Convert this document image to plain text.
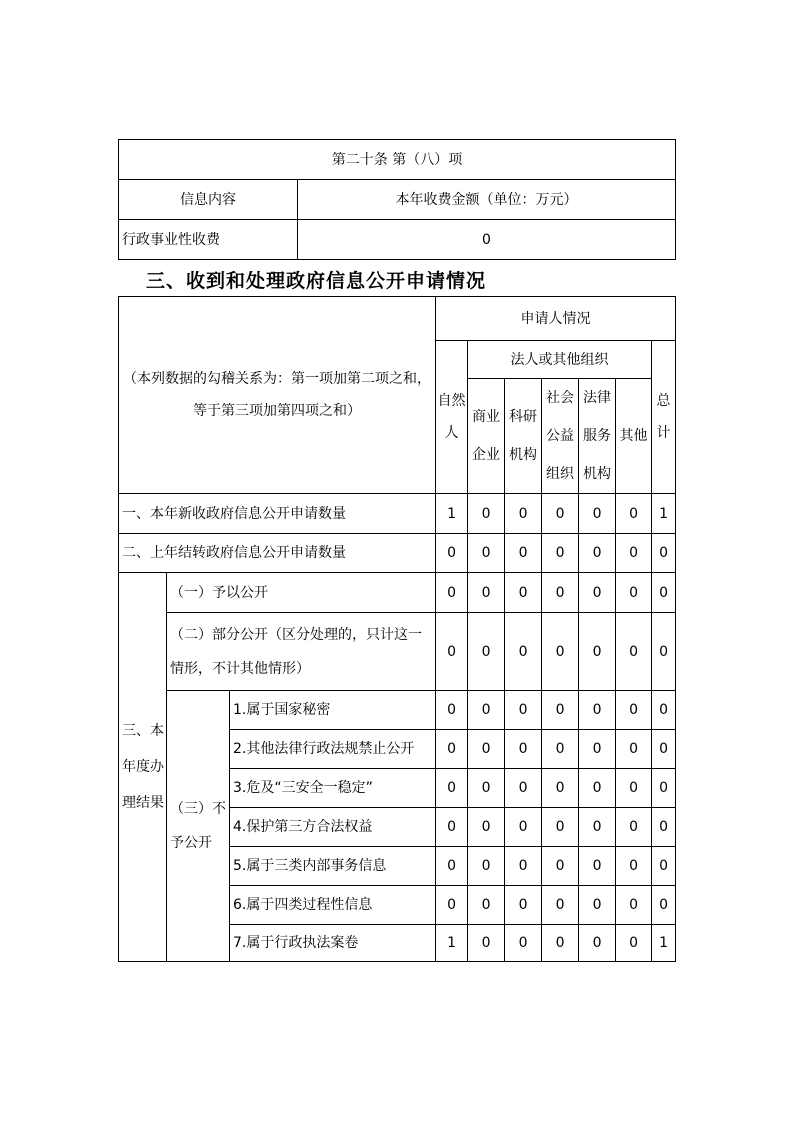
第二十条 第（八）项	
信息内容	本年收费金额（单位：万元）
行政事业性收费	0
三、收到和处理政府信息公开申请情况
（本列数据的勾稽关系为：第一项加第二项之和，等于第三项加第四项之和）			申请人情况						
			自然人	法人或其他组织					总计
				商业企业	科研机构	社会公益组织	法律服务机构	其他	
一、本年新收政府信息公开申请数量			1	0	0	0	0	0	1
二、上年结转政府信息公开申请数量			0	0	0	0	0	0	0
三、本年度办理结果	（一）予以公开		0	0	0	0	0	0	0
	（二）部分公开（区分处理的，只计这一情形，不计其他情形）		0	0	0	0	0	0	0
	（三）不予公开	1.属于国家秘密	0	0	0	0	0	0	0
		2.其他法律行政法规禁止公开	0	0	0	0	0	0	0
		3.危及“三安全一稳定”	0	0	0	0	0	0	0
		4.保护第三方合法权益	0	0	0	0	0	0	0
		5.属于三类内部事务信息	0	0	0	0	0	0	0
		6.属于四类过程性信息	0	0	0	0	0	0	0
		7.属于行政执法案卷	1	0	0	0	0	0	1
